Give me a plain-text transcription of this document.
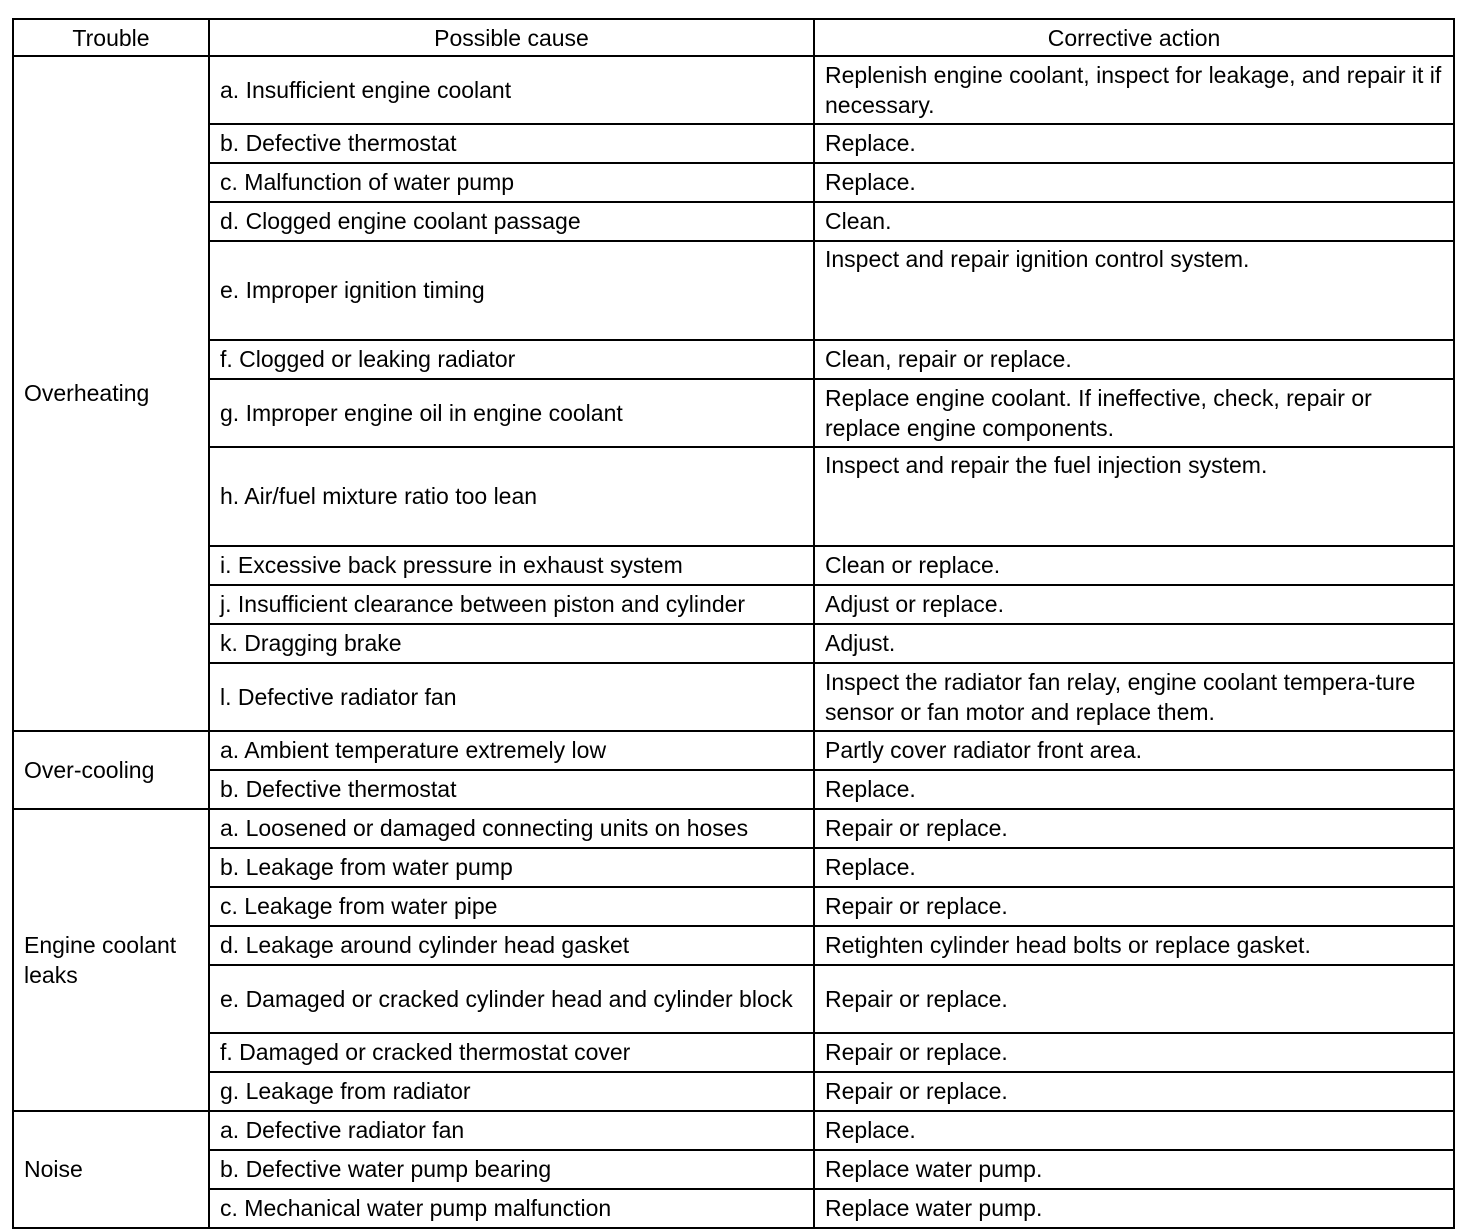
Trouble	Possible cause	Corrective action
Overheating	a. Insufficient engine coolant	Replenish engine coolant, inspect for leakage, and repair it if necessary.
	b. Defective thermostat	Replace.
	c. Malfunction of water pump	Replace.
	d. Clogged engine coolant passage	Clean.
	e. Improper ignition timing	Inspect and repair ignition control system.
	f. Clogged or leaking radiator	Clean, repair or replace.
	g. Improper engine oil in engine coolant	Replace engine coolant. If ineffective, check, repair or replace engine components.
	h. Air/fuel mixture ratio too lean	Inspect and repair the fuel injection system.
	i. Excessive back pressure in exhaust system	Clean or replace.
	j. Insufficient clearance between piston and cylinder	Adjust or replace.
	k. Dragging brake	Adjust.
	l. Defective radiator fan	Inspect the radiator fan relay, engine coolant tempera-ture sensor or fan motor and replace them.
Over-cooling	a. Ambient temperature extremely low	Partly cover radiator front area.
	b. Defective thermostat	Replace.
Engine coolant leaks	a. Loosened or damaged connecting units on hoses	Repair or replace.
	b. Leakage from water pump	Replace.
	c. Leakage from water pipe	Repair or replace.
	d. Leakage around cylinder head gasket	Retighten cylinder head bolts or replace gasket.
	e. Damaged or cracked cylinder head and cylinder block	Repair or replace.
	f. Damaged or cracked thermostat cover	Repair or replace.
	g. Leakage from radiator	Repair or replace.
Noise	a. Defective radiator fan	Replace.
	b. Defective water pump bearing	Replace water pump.
	c. Mechanical water pump malfunction	Replace water pump.
